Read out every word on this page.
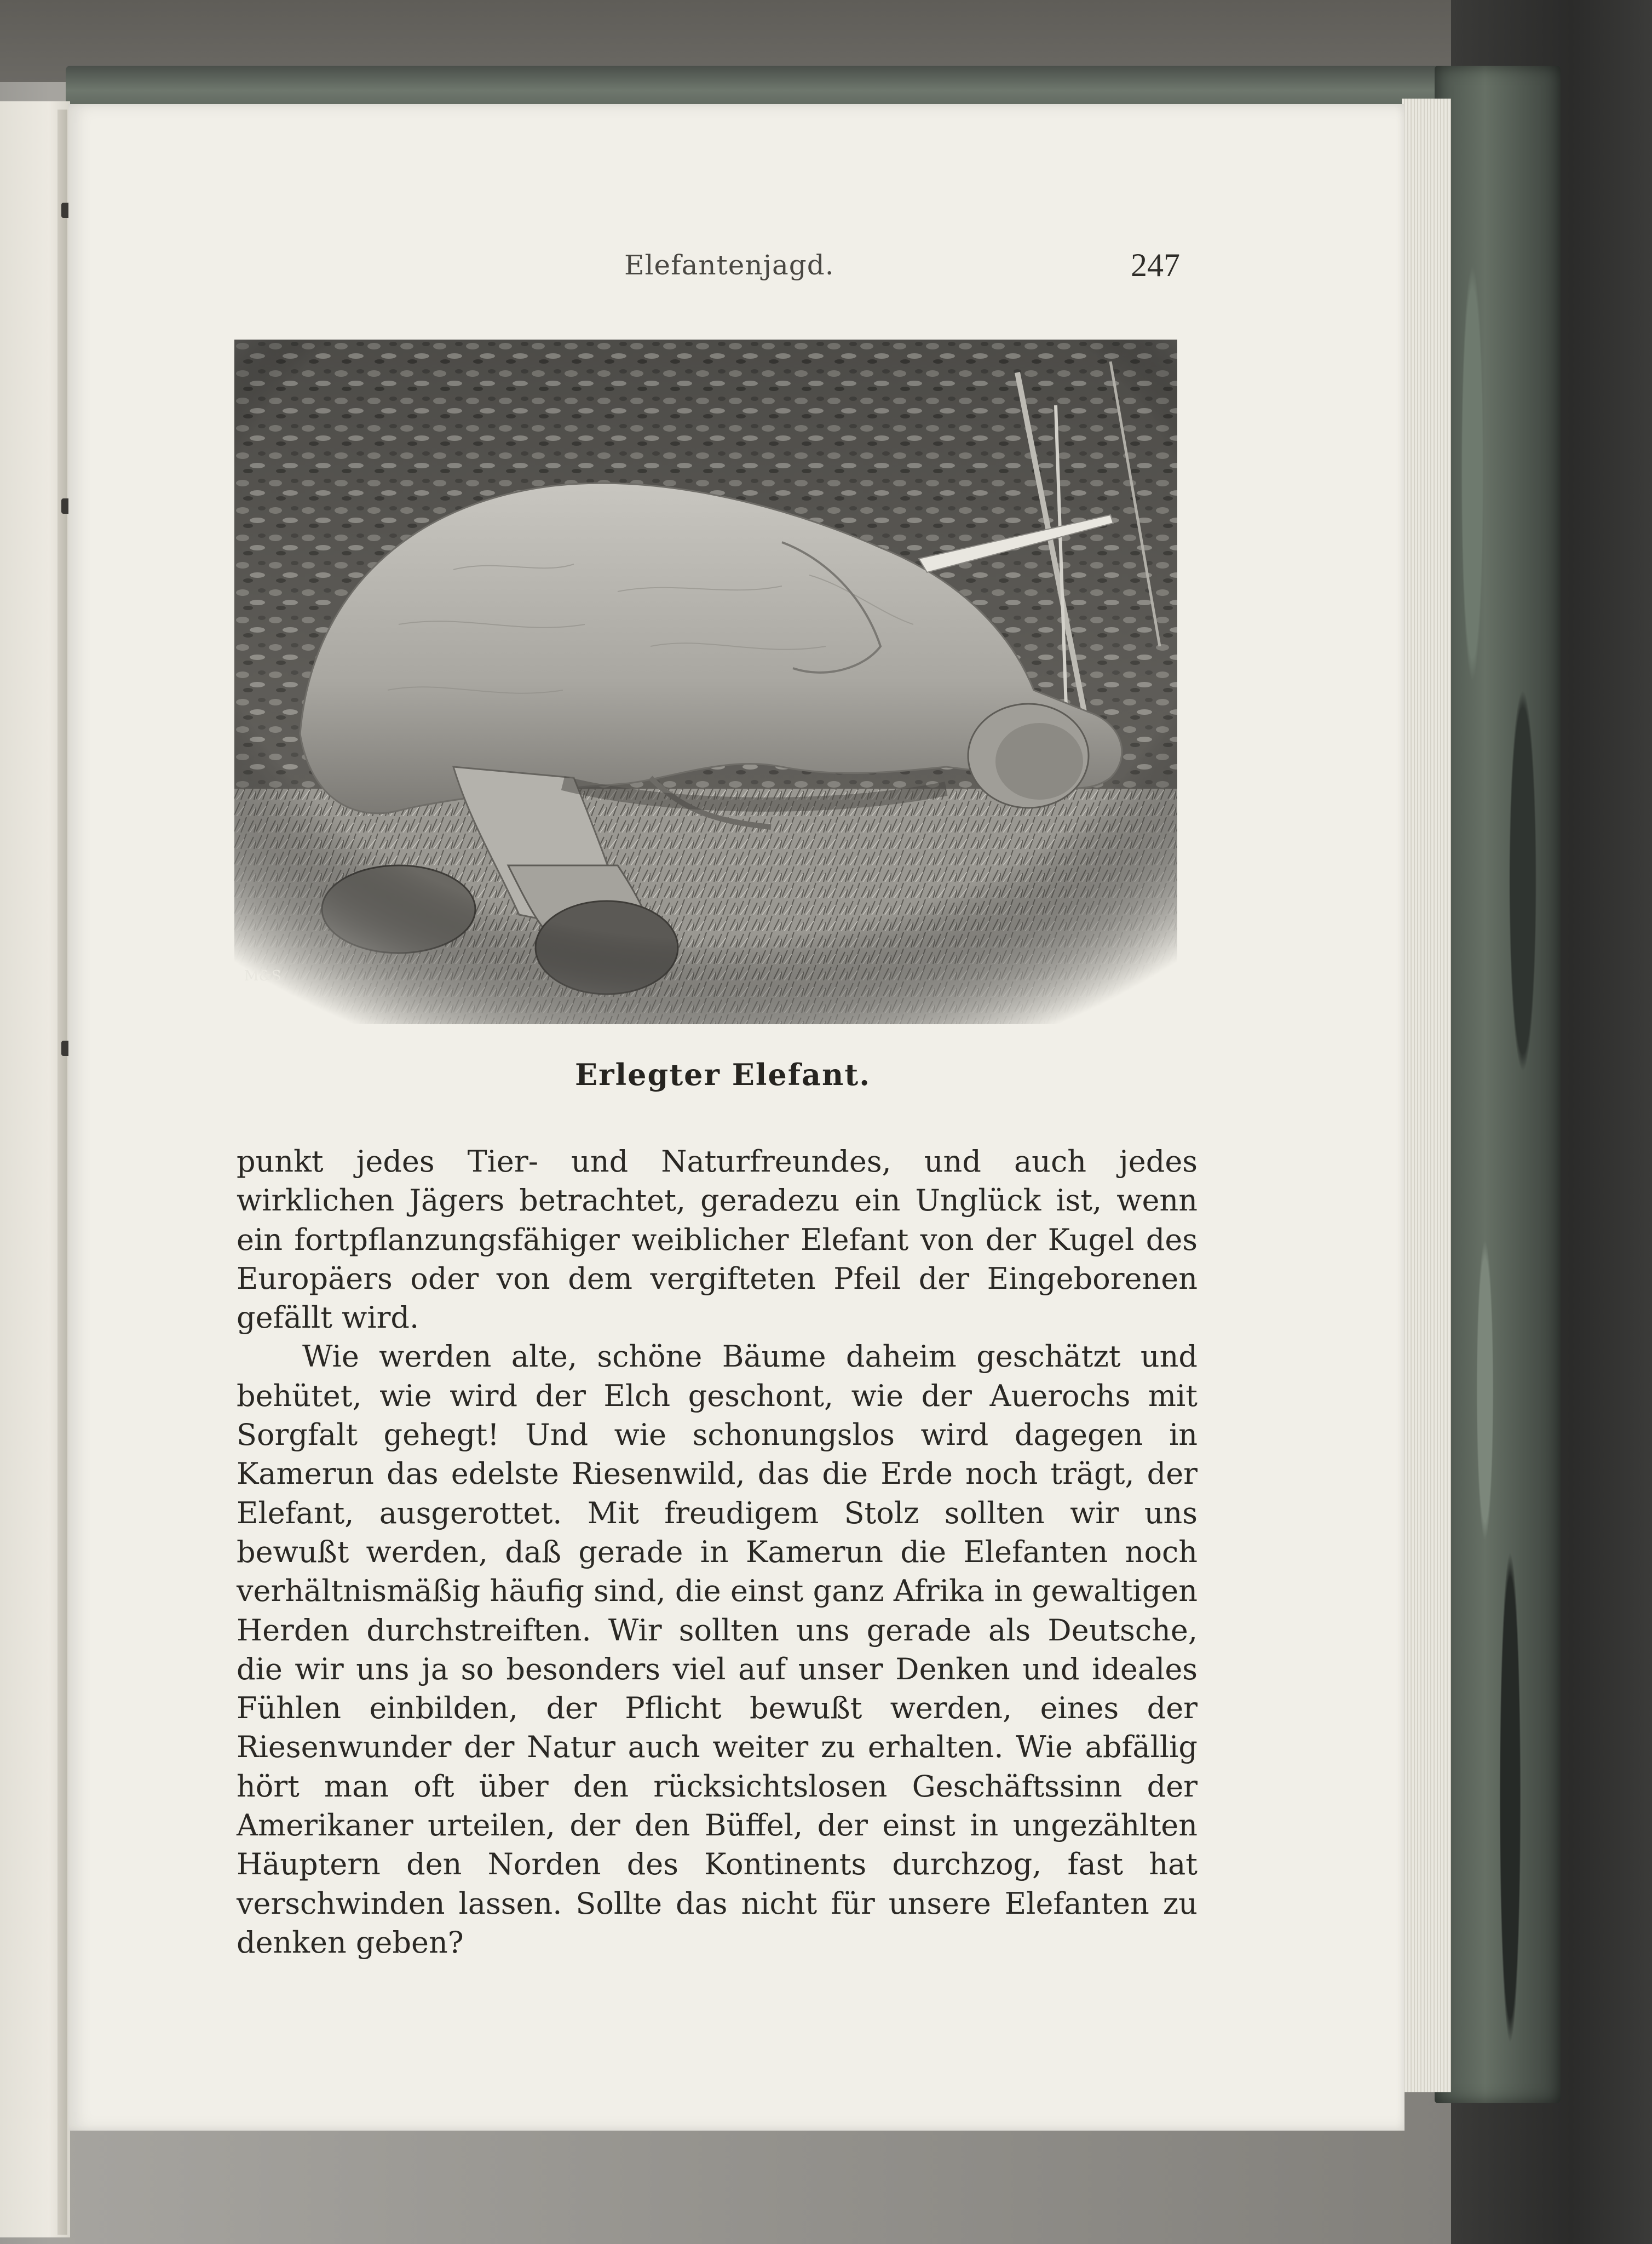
Elefantenjagd.	247
M&S
Erlegter Elefant.

punkt jedes Tier- und Naturfreundes, und auch jedes wirklichen Jägers betrachtet, geradezu ein Unglück ist, wenn ein fortpflanzungsfähiger weiblicher Elefant von der Kugel des Europäers oder von dem vergifteten Pfeil der Eingeborenen gefällt wird.

Wie werden alte, schöne Bäume daheim geschätzt und behütet, wie wird der Elch geschont, wie der Auerochs mit Sorgfalt gehegt! Und wie schonungslos wird dagegen in Kamerun das edelste Riesenwild, das die Erde noch trägt, der Elefant, ausgerottet. Mit freudigem Stolz sollten wir uns bewußt werden, daß gerade in Kamerun die Elefanten noch verhältnismäßig häufig sind, die einst ganz Afrika in gewaltigen Herden durchstreiften. Wir sollten uns gerade als Deutsche, die wir uns ja so besonders viel auf unser Denken und ideales Fühlen einbilden, der Pflicht bewußt werden, eines der Riesenwunder der Natur auch weiter zu erhalten. Wie abfällig hört man oft über den rücksichtslosen Geschäftssinn der Amerikaner urteilen, der den Büffel, der einst in ungezählten Häuptern den Norden des Kontinents durchzog, fast hat verschwinden lassen. Sollte das nicht für unsere Elefanten zu denken geben?
